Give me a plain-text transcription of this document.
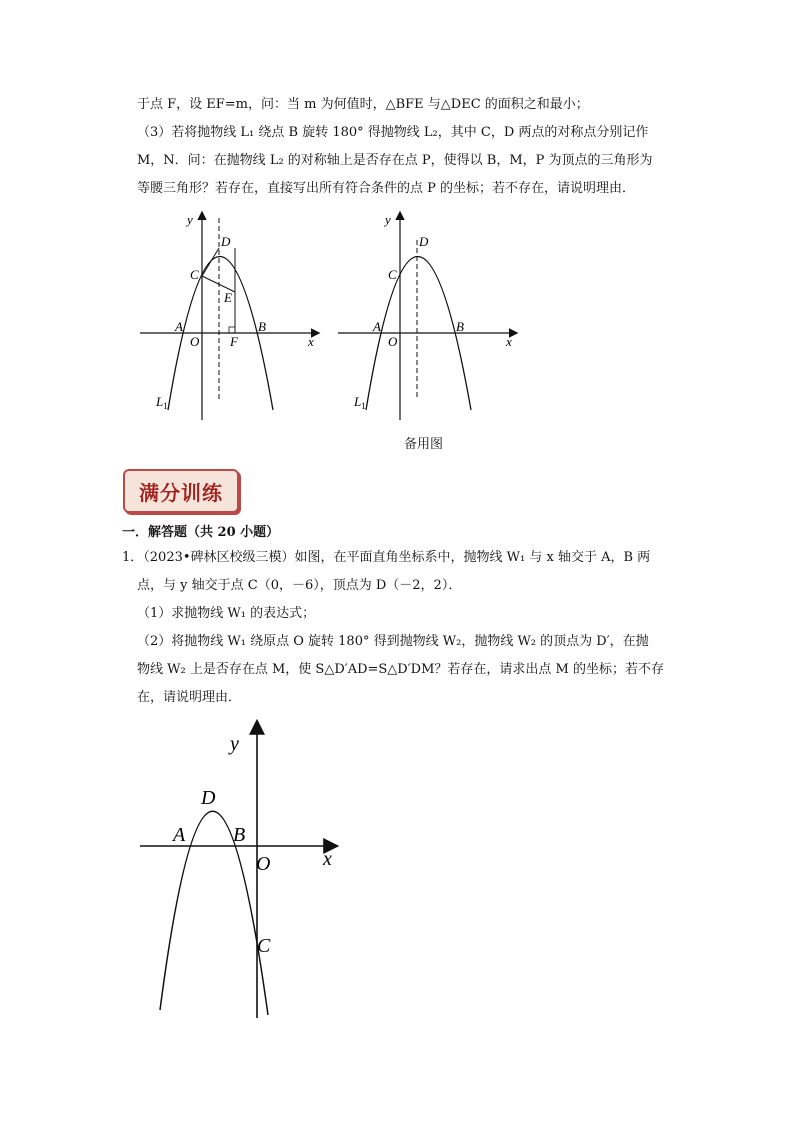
于点 F，设 EF=m，问：当 m 为何值时，△BFE 与△DEC 的面积之和最小；
（3）若将抛物线 L₁ 绕点 B 旋转 180° 得抛物线 L₂，其中 C，D 两点的对称点分别记作
M，N．问：在抛物线 L₂ 的对称轴上是否存在点 P，使得以 B，M，P 为顶点的三角形为
等腰三角形？若存在，直接写出所有符合条件的点 P 的坐标；若不存在，请说明理由．
y
D
C
E
A
O F
B
x
$L_1$
y
D
C
A
O
B
x
$L_1$
备用图
满分训练
一．解答题（共 20 小题）
1．（2023•碑林区校级三模）如图，在平面直角坐标系中，抛物线 W₁ 与 x 轴交于 A，B 两
点，与 y 轴交于点 C（0，－6），顶点为 D（－2，2）．
（1）求抛物线 W₁ 的表达式；
（2）将抛物线 W₁ 绕原点 O 旋转 180° 得到抛物线 W₂，抛物线 W₂ 的顶点为 D′，在抛
物线 W₂ 上是否存在点 M，使 S△D′AD=S△D′DM？若存在，请求出点 M 的坐标；若不存
在，请说明理由．
y
D
A B
O	x
C
